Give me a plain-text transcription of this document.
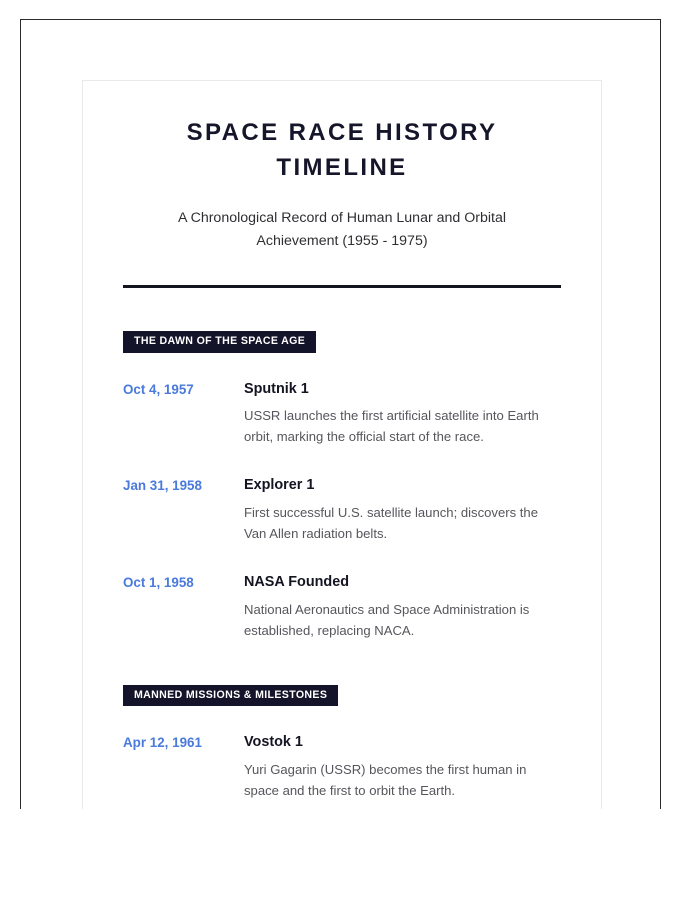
SPACE RACE HISTORY TIMELINE

A Chronological Record of Human Lunar and Orbital Achievement (1955 - 1975)

THE DAWN OF THE SPACE AGE
Oct 4, 1957	Sputnik 1

USSR launches the first artificial satellite into Earth orbit, marking the official start of the race.

Jan 31, 1958	Explorer 1

First successful U.S. satellite launch; discovers the Van Allen radiation belts.

Oct 1, 1958	NASA Founded

National Aeronautics and Space Administration is established, replacing NACA.

MANNED MISSIONS & MILESTONES
Apr 12, 1961	Vostok 1

Yuri Gagarin (USSR) becomes the first human in space and the first to orbit the Earth.
